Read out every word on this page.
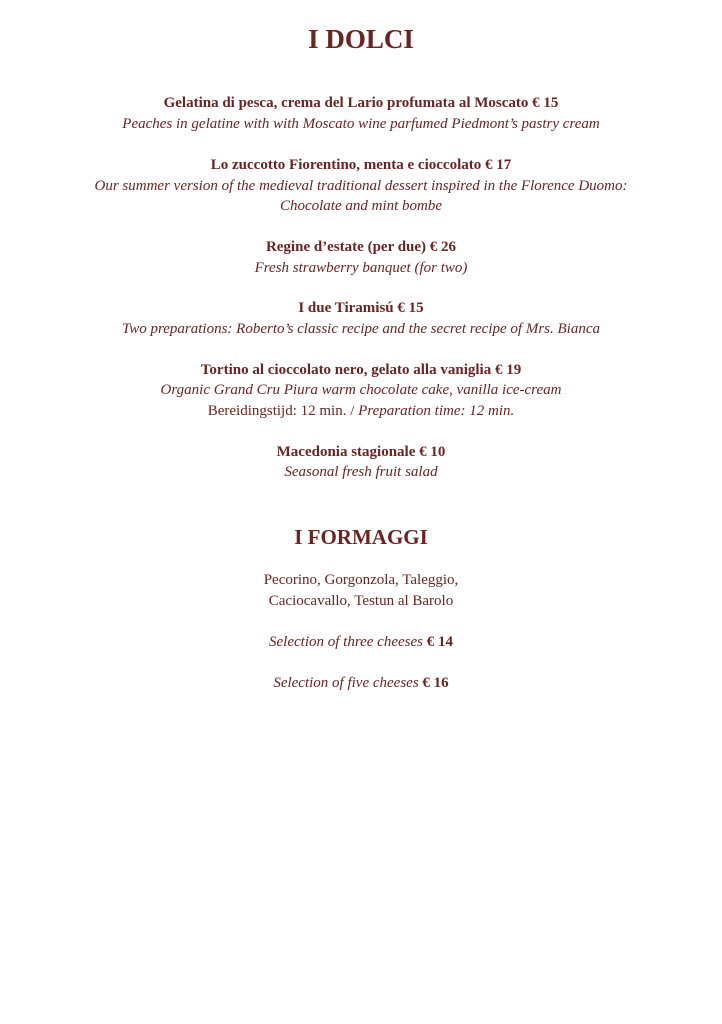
I DOLCI
Gelatina di pesca, crema del Lario profumata al Moscato € 15
Peaches in gelatine with with Moscato wine parfumed Piedmont’s pastry cream
Lo zuccotto Fiorentino, menta e cioccolato € 17
Our summer version of the medieval traditional dessert inspired in the Florence Duomo:
Chocolate and mint bombe
Regine d’estate (per due) € 26
Fresh strawberry banquet (for two)
I due Tiramisú € 15
Two preparations: Roberto’s classic recipe and the secret recipe of Mrs. Bianca
Tortino al cioccolato nero, gelato alla vaniglia € 19
Organic Grand Cru Piura warm chocolate cake, vanilla ice-cream
Bereidingstijd: 12 min. / Preparation time: 12 min.
Macedonia stagionale € 10
Seasonal fresh fruit salad
I FORMAGGI
Pecorino, Gorgonzola, Taleggio,
Caciocavallo, Testun al Barolo
Selection of three cheeses € 14
Selection of five cheeses € 16
